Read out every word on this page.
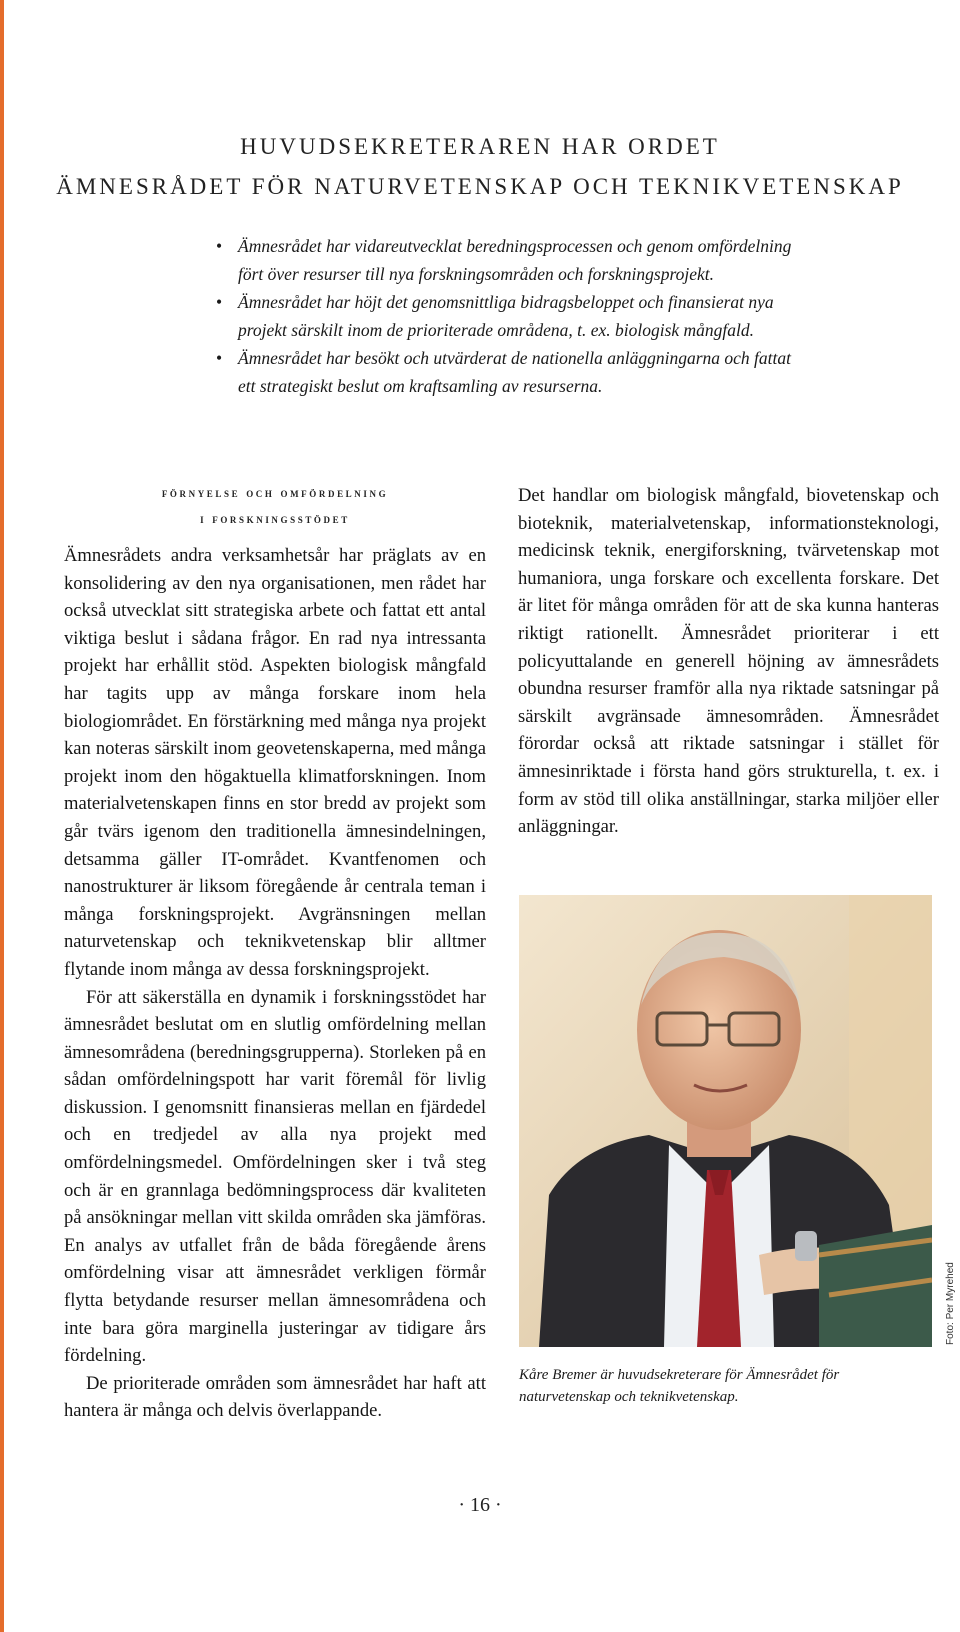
HUVUDSEKRETERAREN HAR ORDET
ÄMNESRÅDET FÖR NATURVETENSKAP OCH TEKNIKVETENSKAP
• Ämnesrådet har vidareutvecklat beredningsprocessen och genom omfördelning fört över resurser till nya forskningsområden och forskningsprojekt.
• Ämnesrådet har höjt det genomsnittliga bidragsbeloppet och finansierat nya projekt särskilt inom de prioriterade områdena, t. ex. biologisk mångfald.
• Ämnesrådet har besökt och utvärderat de nationella anläggningarna och fattat ett strategiskt beslut om kraftsamling av resurserna.
förnyelse och omfördelning
i forskningsstödet

Ämnesrådets andra verksamhetsår har präglats av en konsolidering av den nya organisationen, men rådet har också utvecklat sitt strategiska arbete och fattat ett antal viktiga beslut i sådana frågor. En rad nya intressanta projekt har erhållit stöd. Aspekten biologisk mångfald har tagits upp av många forskare inom hela biologiområdet. En förstärkning med många nya projekt kan noteras särskilt inom geovetenskaperna, med många projekt inom den högaktuella klimatforskningen. Inom materialvetenskapen finns en stor bredd av projekt som går tvärs igenom den traditionella ämnesindelningen, detsamma gäller IT-området. Kvantfenomen och nanostrukturer är liksom föregående år centrala teman i många forskningsprojekt. Avgränsningen mellan naturvetenskap och teknikvetenskap blir alltmer flytande inom många av dessa forskningsprojekt.

För att säkerställa en dynamik i forskningsstödet har ämnesrådet beslutat om en slutlig omfördelning mellan ämnesområdena (beredningsgrupperna). Storleken på en sådan omfördelningspott har varit föremål för livlig diskussion. I genomsnitt finansieras mellan en fjärdedel och en tredjedel av alla nya projekt med omfördelningsmedel. Omfördelningen sker i två steg och är en grannlaga bedömningsprocess där kvaliteten på ansökningar mellan vitt skilda områden ska jämföras. En analys av utfallet från de båda föregående årens omfördelning visar att ämnesrådet verkligen förmår flytta betydande resurser mellan ämnesområdena och inte bara göra marginella justeringar av tidigare års fördelning.

De prioriterade områden som ämnesrådet har haft att hantera är många och delvis överlappande.

Det handlar om biologisk mångfald, biovetenskap och bioteknik, materialvetenskap, informationsteknologi, medicinsk teknik, energiforskning, tvärvetenskap mot humaniora, unga forskare och excellenta forskare. Det är litet för många områden för att de ska kunna hanteras riktigt rationellt. Ämnesrådet prioriterar i ett policyuttalande en generell höjning av ämnesrådets obundna resurser framför alla nya riktade satsningar på särskilt avgränsade ämnesområden. Ämnesrådet förordar också att riktade satsningar i stället för ämnesinriktade i första hand görs strukturella, t. ex. i form av stöd till olika anställningar, starka miljöer eller anläggningar.

Kåre Bremer är huvudsekreterare för Ämnesrådet för naturvetenskap och teknikvetenskap.
Foto: Per Myrehed
· 16 ·
